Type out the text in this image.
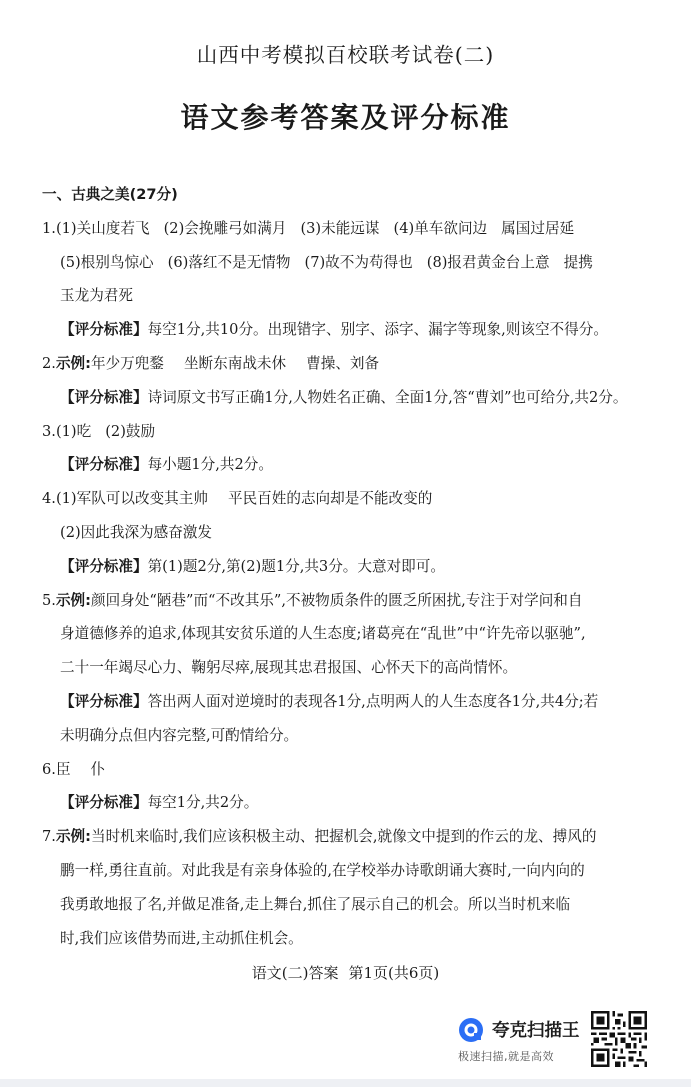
山西中考模拟百校联考试卷(二)
语文参考答案及评分标准
一、古典之美(27分)
1.(1)关山度若飞 (2)会挽雕弓如满月 (3)未能远谋 (4)单车欲问边 属国过居延
(5)根别鸟惊心 (6)落红不是无情物 (7)故不为苟得也 (8)报君黄金台上意 提携
玉龙为君死
【评分标准】每空1分,共10分。出现错字、别字、添字、漏字等现象,则该空不得分。
2.示例:年少万兜鍪 坐断东南战未休 曹操、刘备
【评分标准】诗词原文书写正确1分,人物姓名正确、全面1分,答“曹刘”也可给分,共2分。
3.(1)吃 (2)鼓励
【评分标准】每小题1分,共2分。
4.(1)军队可以改变其主帅 平民百姓的志向却是不能改变的
(2)因此我深为感奋激发
【评分标准】第(1)题2分,第(2)题1分,共3分。大意对即可。
5.示例:颜回身处“陋巷”而“不改其乐”,不被物质条件的匮乏所困扰,专注于对学问和自
身道德修养的追求,体现其安贫乐道的人生态度;诸葛亮在“乱世”中“许先帝以驱驰”,
二十一年竭尽心力、鞠躬尽瘁,展现其忠君报国、心怀天下的高尚情怀。
【评分标准】答出两人面对逆境时的表现各1分,点明两人的人生态度各1分,共4分;若
未明确分点但内容完整,可酌情给分。
6.臣 仆
【评分标准】每空1分,共2分。
7.示例:当时机来临时,我们应该积极主动、把握机会,就像文中提到的作云的龙、搏风的
鹏一样,勇往直前。对此我是有亲身体验的,在学校举办诗歌朗诵大赛时,一向内向的
我勇敢地报了名,并做足准备,走上舞台,抓住了展示自己的机会。所以当时机来临
时,我们应该借势而进,主动抓住机会。
语文(二)答案 第1页(共6页)
夸克扫描王
极速扫描,就是高效
